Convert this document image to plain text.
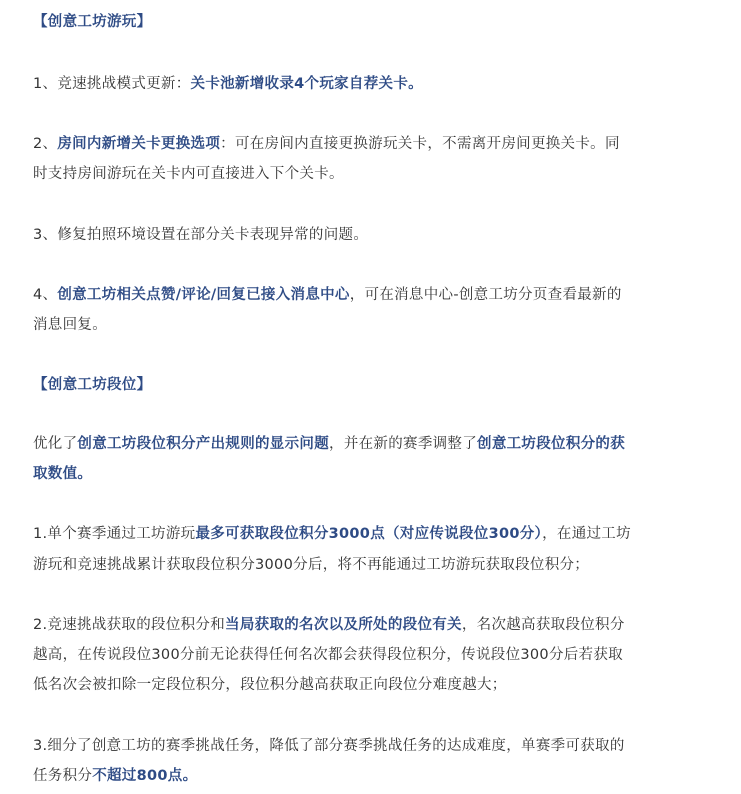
【创意工坊游玩】
1、竞速挑战模式更新：关卡池新增收录4个玩家自荐关卡。
2、房间内新增关卡更换选项：可在房间内直接更换游玩关卡，不需离开房间更换关卡。同
时支持房间游玩在关卡内可直接进入下个关卡。
3、修复拍照环境设置在部分关卡表现异常的问题。
4、创意工坊相关点赞/评论/回复已接入消息中心，可在消息中心-创意工坊分页查看最新的
消息回复。
【创意工坊段位】
优化了创意工坊段位积分产出规则的显示问题，并在新的赛季调整了创意工坊段位积分的获
取数值。
1.单个赛季通过工坊游玩最多可获取段位积分3000点（对应传说段位300分），在通过工坊
游玩和竞速挑战累计获取段位积分3000分后，将不再能通过工坊游玩获取段位积分；
2.竞速挑战获取的段位积分和当局获取的名次以及所处的段位有关，名次越高获取段位积分
越高，在传说段位300分前无论获得任何名次都会获得段位积分，传说段位300分后若获取
低名次会被扣除一定段位积分，段位积分越高获取正向段位分难度越大；
3.细分了创意工坊的赛季挑战任务，降低了部分赛季挑战任务的达成难度，单赛季可获取的
任务积分不超过800点。
